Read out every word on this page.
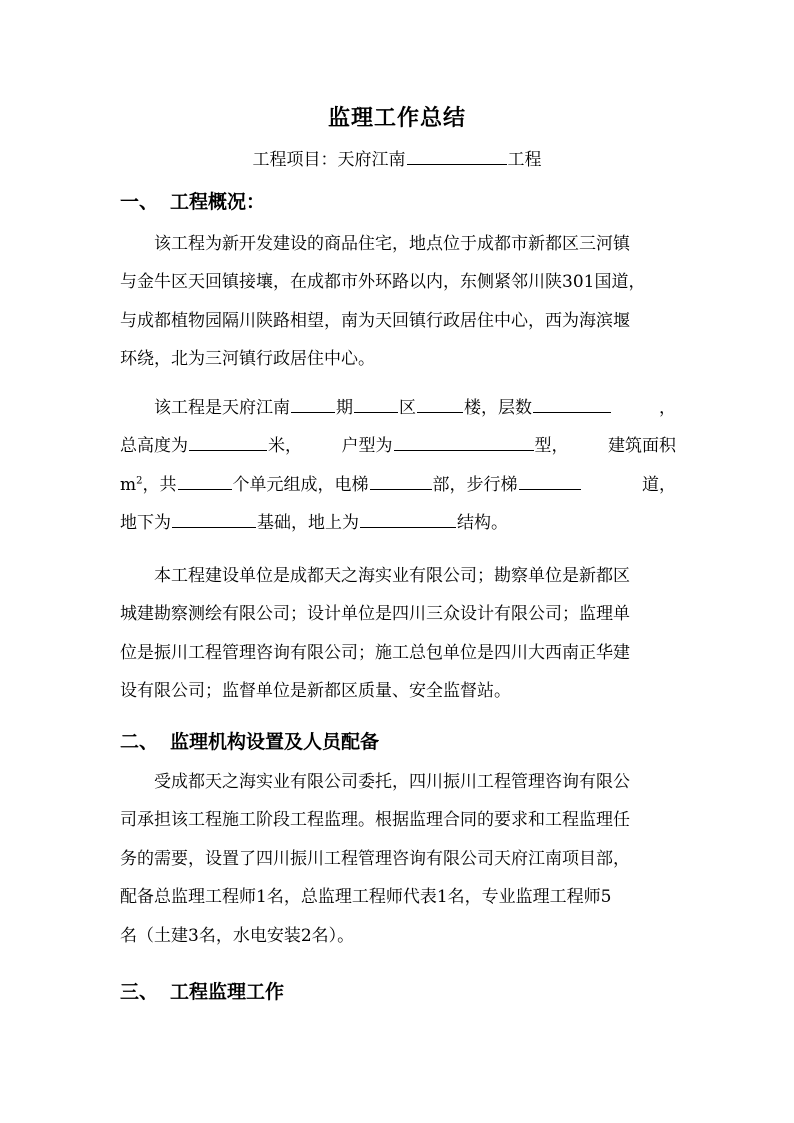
监理工作总结
工程项目：天府江南	工程
一、 工程概况：
该工程为新开发建设的商品住宅，地点位于成都市新都区三河镇
与金牛区天回镇接壤，在成都市外环路以内，东侧紧邻川陕301国道，
与成都植物园隔川陕路相望，南为天回镇行政居住中心，西为海滨堰
环绕，北为三河镇行政居住中心。
该工程是天府江南	期	区	楼，层数	，
总高度为	米， 户型为	型， 建筑面积
$m^2$，共	个单元组成，电梯	部，步行梯	道，
地下为	基础，地上为	结构。
本工程建设单位是成都天之海实业有限公司；勘察单位是新都区
城建勘察测绘有限公司；设计单位是四川三众设计有限公司；监理单
位是振川工程管理咨询有限公司；施工总包单位是四川大西南正华建
设有限公司；监督单位是新都区质量、安全监督站。
二、 监理机构设置及人员配备
受成都天之海实业有限公司委托，四川振川工程管理咨询有限公
司承担该工程施工阶段工程监理。根据监理合同的要求和工程监理任
务的需要，设置了四川振川工程管理咨询有限公司天府江南项目部，
配备总监理工程师1名，总监理工程师代表1名，专业监理工程师5
名（土建3名，水电安装2名）。
三、 工程监理工作
